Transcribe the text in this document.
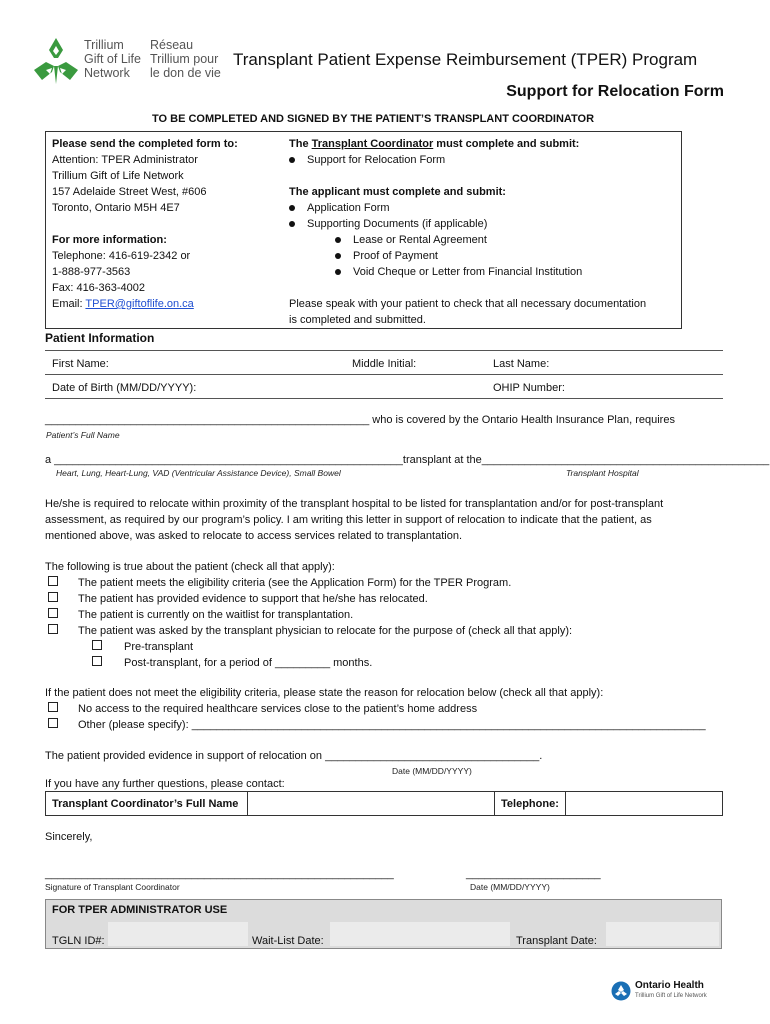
Trillium
Gift of Life
Network
Réseau
Trillium pour
le don de vie
Transplant Patient Expense Reimbursement (TPER) Program
Support for Relocation Form
TO BE COMPLETED AND SIGNED BY THE PATIENT’S TRANSPLANT COORDINATOR
Please send the completed form to:
Attention: TPER Administrator
Trillium Gift of Life Network
157 Adelaide Street West, #606
Toronto, Ontario M5H 4E7

For more information:
Telephone: 416-619-2342 or
1-888-977-3563
Fax: 416-363-4002
Email: TPER@giftoflife.on.ca
The Transplant Coordinator must complete and submit:
Support for Relocation Form

The applicant must complete and submit:
Application Form
Supporting Documents (if applicable)
Lease or Rental Agreement
Proof of Payment
Void Cheque or Letter from Financial Institution

Please speak with your patient to check that all necessary documentation
is completed and submitted.
Patient Information
First Name:	Middle Initial:	Last Name:
Date of Birth (MM/DD/YYYY):	OHIP Number:
_____________________________________________________ who is covered by the Ontario Health Insurance Plan, requires
Patient’s Full Name
a _________________________________________________________transplant at the_______________________________________________
Heart, Lung, Heart-Lung, VAD (Ventricular Assistance Device), Small Bowel	Transplant Hospital
He/she is required to relocate within proximity of the transplant hospital to be listed for transplantation and/or for post-transplant
assessment, as required by our program’s policy. I am writing this letter in support of relocation to indicate that the patient, as
mentioned above, was asked to relocate to access services related to transplantation.
The following is true about the patient (check all that apply):
The patient meets the eligibility criteria (see the Application Form) for the TPER Program.
The patient has provided evidence to support that he/she has relocated.
The patient is currently on the waitlist for transplantation.
The patient was asked by the transplant physician to relocate for the purpose of (check all that apply):
Pre-transplant
Post-transplant, for a period of _________ months.
If the patient does not meet the eligibility criteria, please state the reason for relocation below (check all that apply):
No access to the required healthcare services close to the patient’s home address
Other (please specify): ____________________________________________________________________________________
The patient provided evidence in support of relocation on ___________________________________.
Date (MM/DD/YYYY)
If you have any further questions, please contact:
Transplant Coordinator’s Full Name	Telephone:
Sincerely,
_________________________________________________________	______________________
Signature of Transplant Coordinator	Date (MM/DD/YYYY)
FOR TPER ADMINISTRATOR USE
TGLN ID#:	Wait-List Date:	Transplant Date:
Ontario Health
Trillium Gift of Life Network
